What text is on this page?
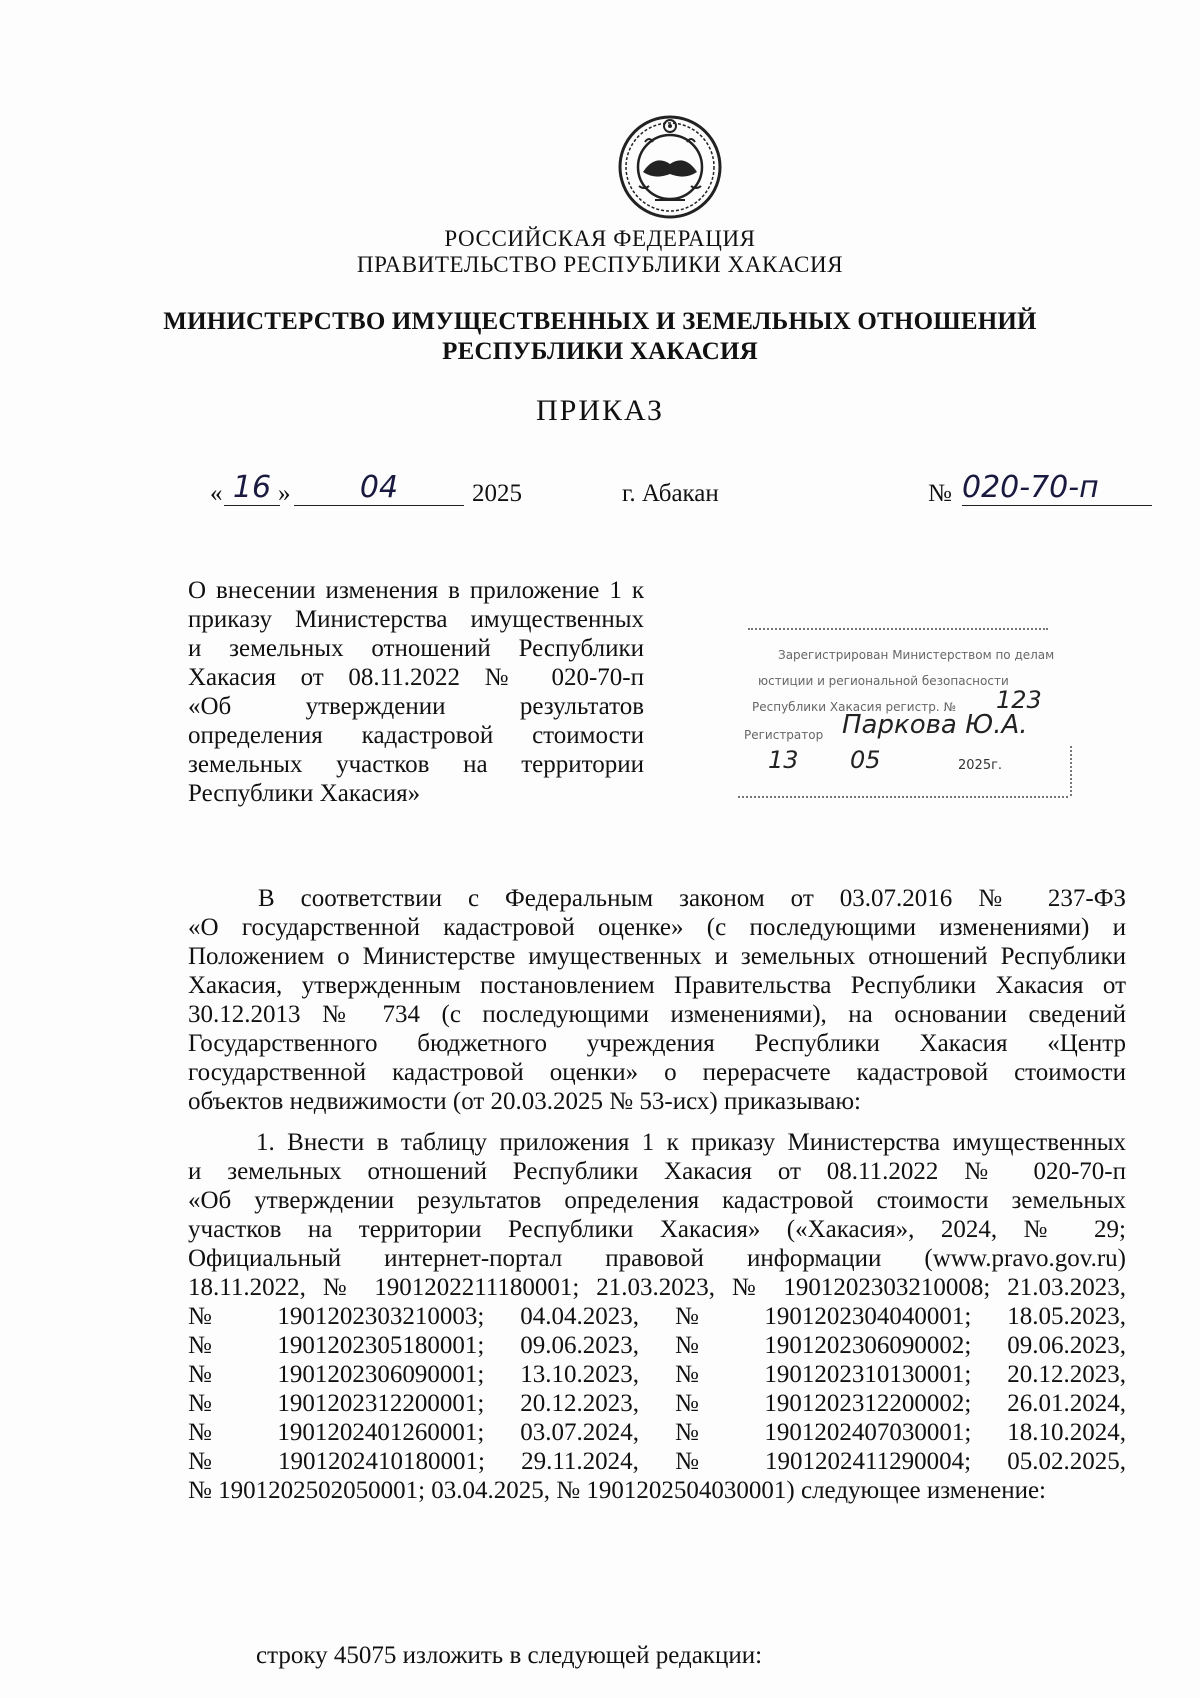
РОССИЙСКАЯ ФЕДЕРАЦИЯ
ПРАВИТЕЛЬСТВО РЕСПУБЛИКИ ХАКАСИЯ
МИНИСТЕРСТВО ИМУЩЕСТВЕННЫХ И ЗЕМЕЛЬНЫХ ОТНОШЕНИЙ
РЕСПУБЛИКИ ХАКАСИЯ
ПРИКАЗ
« 16 »	04	2025	г. Абакан	№ 020-70-п
О внесении изменения в приложение 1 к
приказу Министерства имущественных
и земельных отношений Республики
Хакасия от 08.11.2022 № 020-70-п
«Об утверждении результатов
определения кадастровой стоимости
земельных участков на территории
Республики Хакасия»
Зарегистрирован Министерством по делам
юстиции и региональной безопасности
Республики Хакасия регистр. № 123
Регистратор Паркова Ю.А.
13 05	2025г.
В соответствии с Федеральным законом от 03.07.2016 № 237-ФЗ
«О государственной кадастровой оценке» (с последующими изменениями) и
Положением о Министерстве имущественных и земельных отношений Республики
Хакасия, утвержденным постановлением Правительства Республики Хакасия от
30.12.2013 № 734 (с последующими изменениями), на основании сведений
Государственного бюджетного учреждения Республики Хакасия «Центр
государственной кадастровой оценки» о перерасчете кадастровой стоимости
объектов недвижимости (от 20.03.2025 № 53-исх) приказываю:
1. Внести в таблицу приложения 1 к приказу Министерства имущественных
и земельных отношений Республики Хакасия от 08.11.2022 № 020-70-п
«Об утверждении результатов определения кадастровой стоимости земельных
участков на территории Республики Хакасия» («Хакасия», 2024, № 29;
Официальный интернет-портал правовой информации (www.pravo.gov.ru)
18.11.2022, № 1901202211180001; 21.03.2023, № 1901202303210008; 21.03.2023,
№ 1901202303210003; 04.04.2023, № 1901202304040001; 18.05.2023,
№ 1901202305180001; 09.06.2023, № 1901202306090002; 09.06.2023,
№ 1901202306090001; 13.10.2023, № 1901202310130001; 20.12.2023,
№ 1901202312200001; 20.12.2023, № 1901202312200002; 26.01.2024,
№ 1901202401260001; 03.07.2024, № 1901202407030001; 18.10.2024,
№ 1901202410180001; 29.11.2024, № 1901202411290004; 05.02.2025,
№ 1901202502050001; 03.04.2025, № 1901202504030001) следующее изменение:
строку 45075 изложить в следующей редакции:
